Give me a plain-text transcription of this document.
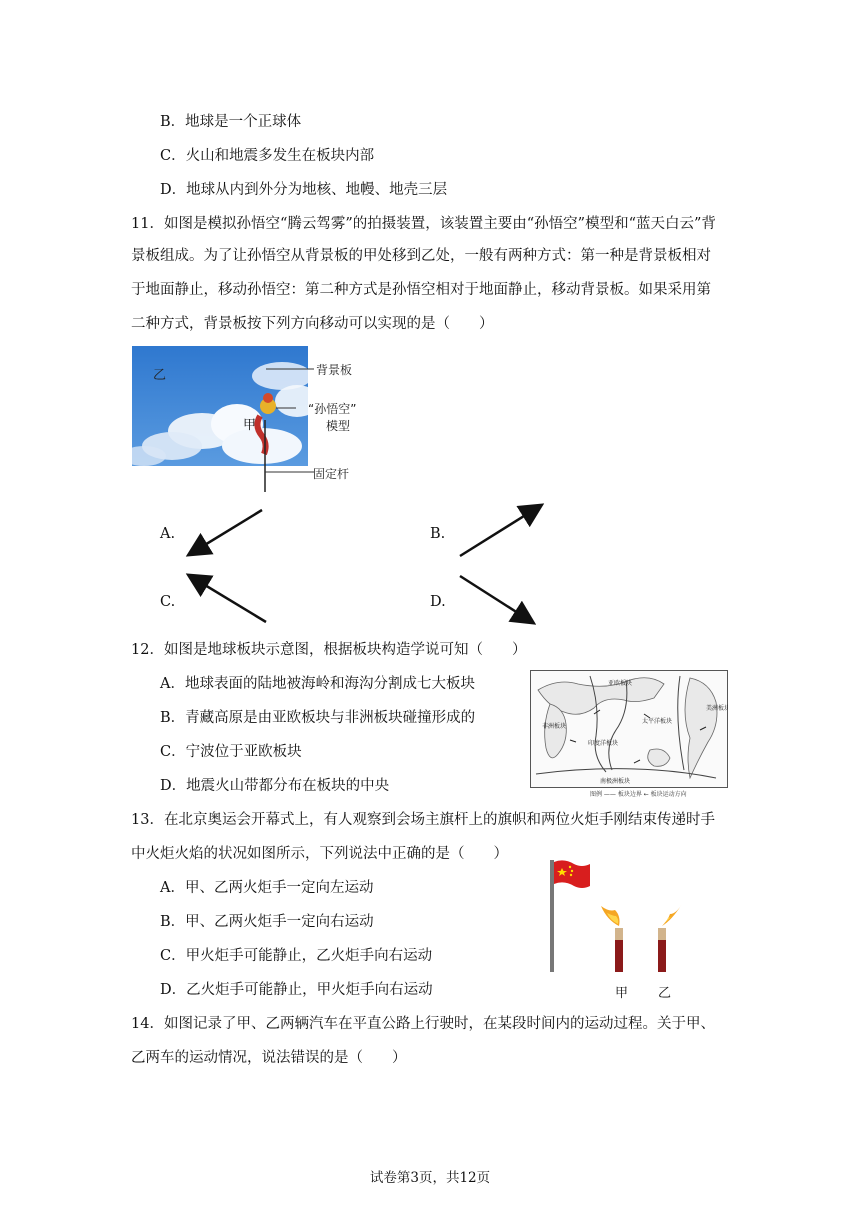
B．地球是一个正球体
C．火山和地震多发生在板块内部
D．地球从内到外分为地核、地幔、地壳三层
11．如图是模拟孙悟空“腾云驾雾”的拍摄装置，该装置主要由“孙悟空”模型和“蓝天白云”背
景板组成。为了让孙悟空从背景板的甲处移到乙处，一般有两种方式：第一种是背景板相对
于地面静止，移动孙悟空：第二种方式是孙悟空相对于地面静止，移动背景板。如果采用第
二种方式，背景板按下列方向移动可以实现的是（　　）
乙
甲
背景板
“孙悟空”
模型
固定杆
A.	B.
C.	D.
12．如图是地球板块示意图，根据板块构造学说可知（　　）
A．地球表面的陆地被海岭和海沟分割成七大板块
B．青藏高原是由亚欧板块与非洲板块碰撞形成的
C．宁波位于亚欧板块
D．地震火山带都分布在板块的中央
亚欧板块
非洲板块
太平洋板块
美洲板块
印度洋板块
南极洲板块
图例 —— 板块边界 ← 板块运动方向
13．在北京奥运会开幕式上，有人观察到会场主旗杆上的旗帜和两位火炬手刚结束传递时手
中火炬火焰的状况如图所示，下列说法中正确的是（　　）
A．甲、乙两火炬手一定向左运动
B．甲、乙两火炬手一定向右运动
C．甲火炬手可能静止，乙火炬手向右运动
D．乙火炬手可能静止，甲火炬手向右运动	甲 乙
14．如图记录了甲、乙两辆汽车在平直公路上行驶时，在某段时间内的运动过程。关于甲、
乙两车的运动情况，说法错误的是（　　）
试卷第3页，共12页
